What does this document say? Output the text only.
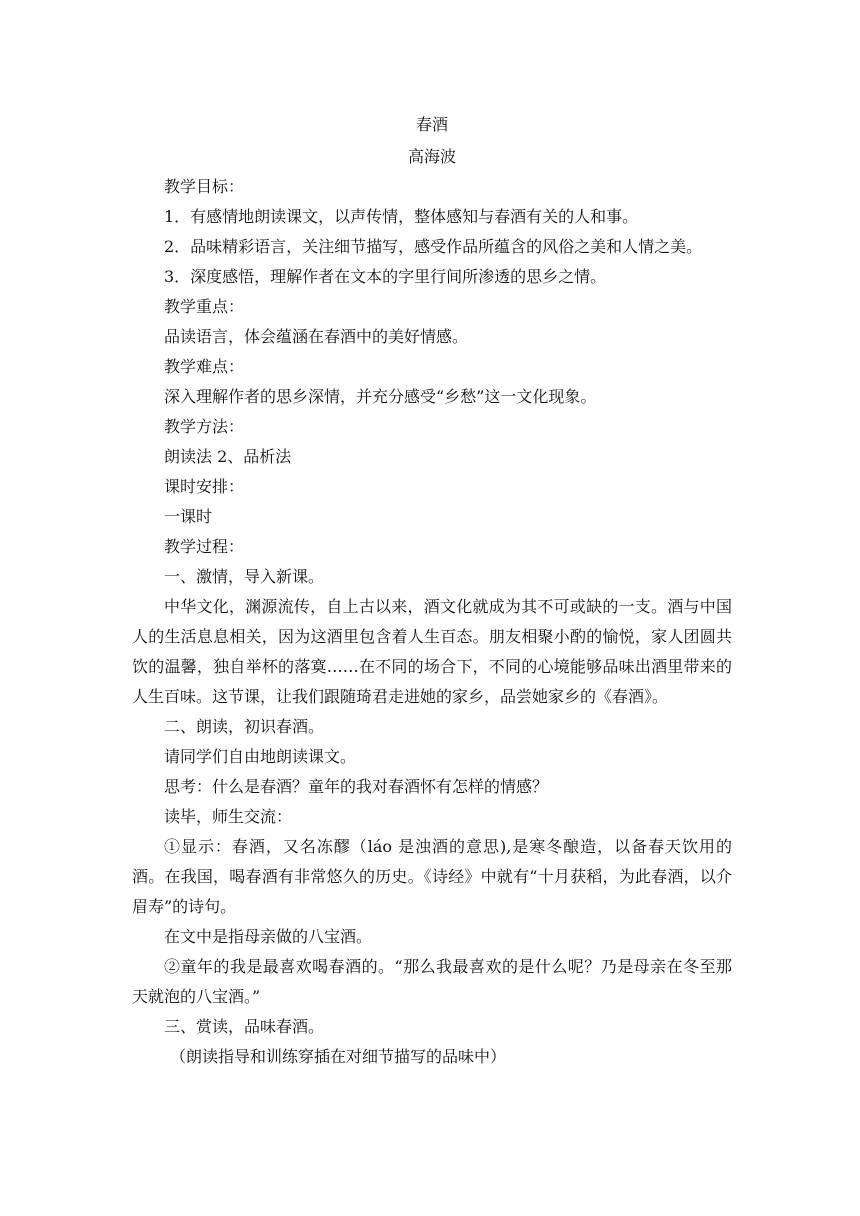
春酒

高海波

教学目标：

1．有感情地朗读课文，以声传情，整体感知与春酒有关的人和事。

2．品味精彩语言，关注细节描写，感受作品所蕴含的风俗之美和人情之美。

3．深度感悟，理解作者在文本的字里行间所渗透的思乡之情。

教学重点：

品读语言，体会蕴涵在春酒中的美好情感。

教学难点：

深入理解作者的思乡深情，并充分感受“乡愁”这一文化现象。

教学方法：

朗读法 2、品析法

课时安排：

一课时

教学过程：

一、激情，导入新课。

中华文化，渊源流传，自上古以来，酒文化就成为其不可或缺的一支。酒与中国人的生活息息相关，因为这酒里包含着人生百态。朋友相聚小酌的愉悦，家人团圆共饮的温馨，独自举杯的落寞……在不同的场合下，不同的心境能够品味出酒里带来的人生百味。这节课，让我们跟随琦君走进她的家乡，品尝她家乡的《春酒》。

二、朗读，初识春酒。

请同学们自由地朗读课文。

思考：什么是春酒？童年的我对春酒怀有怎样的情感？

读毕，师生交流：

①显示：春酒，又名冻醪（láo 是浊酒的意思),是寒冬酿造，以备春天饮用的酒。在我国，喝春酒有非常悠久的历史。《诗经》中就有“十月获稻，为此春酒，以介眉寿”的诗句。

在文中是指母亲做的八宝酒。

②童年的我是最喜欢喝春酒的。“那么我最喜欢的是什么呢？乃是母亲在冬至那天就泡的八宝酒。”

三、赏读，品味春酒。

（朗读指导和训练穿插在对细节描写的品味中）
